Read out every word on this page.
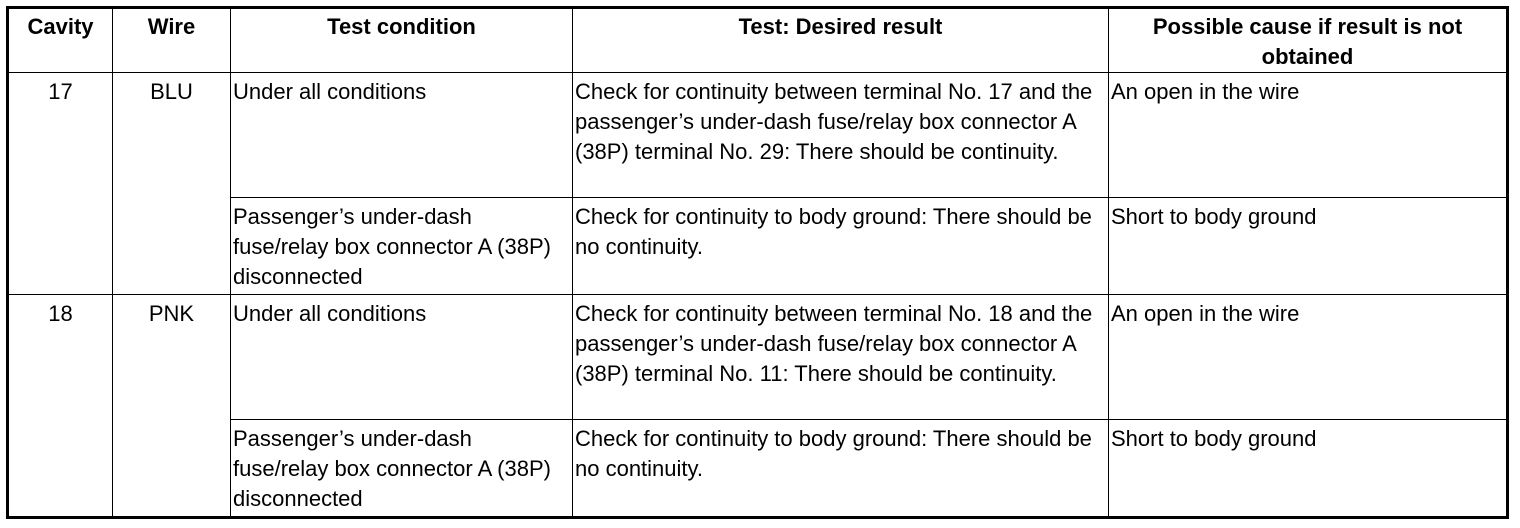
Cavity	Wire	Test condition	Test: Desired result	Possible cause if result is not obtained
17	BLU	Under all conditions	Check for continuity between terminal No. 17 and the passenger’s under-dash fuse/relay box connector A (38P) terminal No. 29: There should be continuity.	An open in the wire
		Passenger’s under-dash fuse/relay box connector A (38P) disconnected	Check for continuity to body ground: There should be no continuity.	Short to body ground
18	PNK	Under all conditions	Check for continuity between terminal No. 18 and the passenger’s under-dash fuse/relay box connector A (38P) terminal No. 11: There should be continuity.	An open in the wire
		Passenger’s under-dash fuse/relay box connector A (38P) disconnected	Check for continuity to body ground: There should be no continuity.	Short to body ground
